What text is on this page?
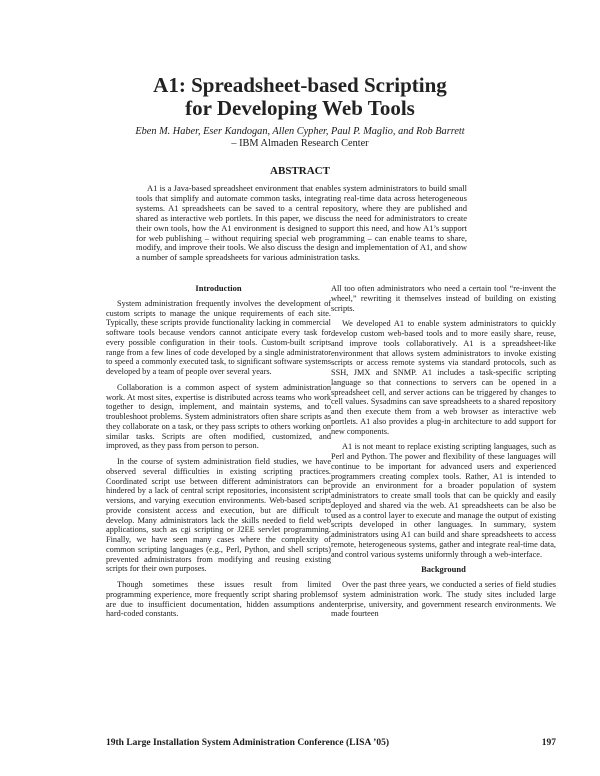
A1: Spreadsheet-based Scripting
for Developing Web Tools
Eben M. Haber, Eser Kandogan, Allen Cypher, Paul P. Maglio, and Rob Barrett
– IBM Almaden Research Center
ABSTRACT

A1 is a Java-based spreadsheet environment that enables system administrators to build small tools that simplify and automate common tasks, integrating real-time data across heterogeneous systems. A1 spreadsheets can be saved to a central repository, where they are published and shared as interactive web portlets. In this paper, we discuss the need for administrators to create their own tools, how the A1 environment is designed to support this need, and how A1’s support for web publishing – without requiring special web programming – can enable teams to share, modify, and improve their tools. We also discuss the design and implementation of A1, and show a number of sample spreadsheets for various administration tasks.

Introduction

System administration frequently involves the development of custom scripts to manage the unique requirements of each site. Typically, these scripts provide functionality lacking in commercial software tools because vendors cannot anticipate every task for every possible configuration in their tools. Custom-built scripts range from a few lines of code developed by a single administrator to speed a commonly executed task, to significant software systems developed by a team of people over several years.

Collaboration is a common aspect of system administration work. At most sites, expertise is distributed across teams who work together to design, implement, and maintain systems, and to troubleshoot problems. System administrators often share scripts as they collaborate on a task, or they pass scripts to others working on similar tasks. Scripts are often modified, customized, and improved, as they pass from person to person.

In the course of system administration field studies, we have observed several difficulties in existing scripting practices. Coordinated script use between different administrators can be hindered by a lack of central script repositories, inconsistent script versions, and varying execution environments. Web-based scripts provide consistent access and execution, but are difficult to develop. Many administrators lack the skills needed to field web applications, such as cgi scripting or J2EE servlet programming. Finally, we have seen many cases where the complexity of common scripting languages (e.g., Perl, Python, and shell scripts) prevented administrators from modifying and reusing existing scripts for their own purposes.

Though sometimes these issues result from limited programming experience, more frequently script sharing problems are due to insufficient documentation, hidden assumptions and hard-coded constants.

All too often administrators who need a certain tool “re-invent the wheel,” rewriting it themselves instead of building on existing scripts.

We developed A1 to enable system administrators to quickly develop custom web-based tools and to more easily share, reuse, and improve tools collaboratively. A1 is a spreadsheet-like environment that allows system administrators to invoke existing scripts or access remote systems via standard protocols, such as SSH, JMX and SNMP. A1 includes a task-specific scripting language so that connections to servers can be opened in a spreadsheet cell, and server actions can be triggered by changes to cell values. Sysadmins can save spreadsheets to a shared repository and then execute them from a web browser as interactive web portlets. A1 also provides a plug-in architecture to add support for new components.

A1 is not meant to replace existing scripting languages, such as Perl and Python. The power and flexibility of these languages will continue to be important for advanced users and experienced programmers creating complex tools. Rather, A1 is intended to provide an environment for a broader population of system administrators to create small tools that can be quickly and easily deployed and shared via the web. A1 spreadsheets can be also be used as a control layer to execute and manage the output of existing scripts developed in other languages. In summary, system administrators using A1 can build and share spreadsheets to access remote, heterogeneous systems, gather and integrate real-time data, and control various systems uniformly through a web-interface.

Background

Over the past three years, we conducted a series of field studies of system administration work. The study sites included large enterprise, university, and government research environments. We made fourteen

19th Large Installation System Administration Conference (LISA ’05)	197
